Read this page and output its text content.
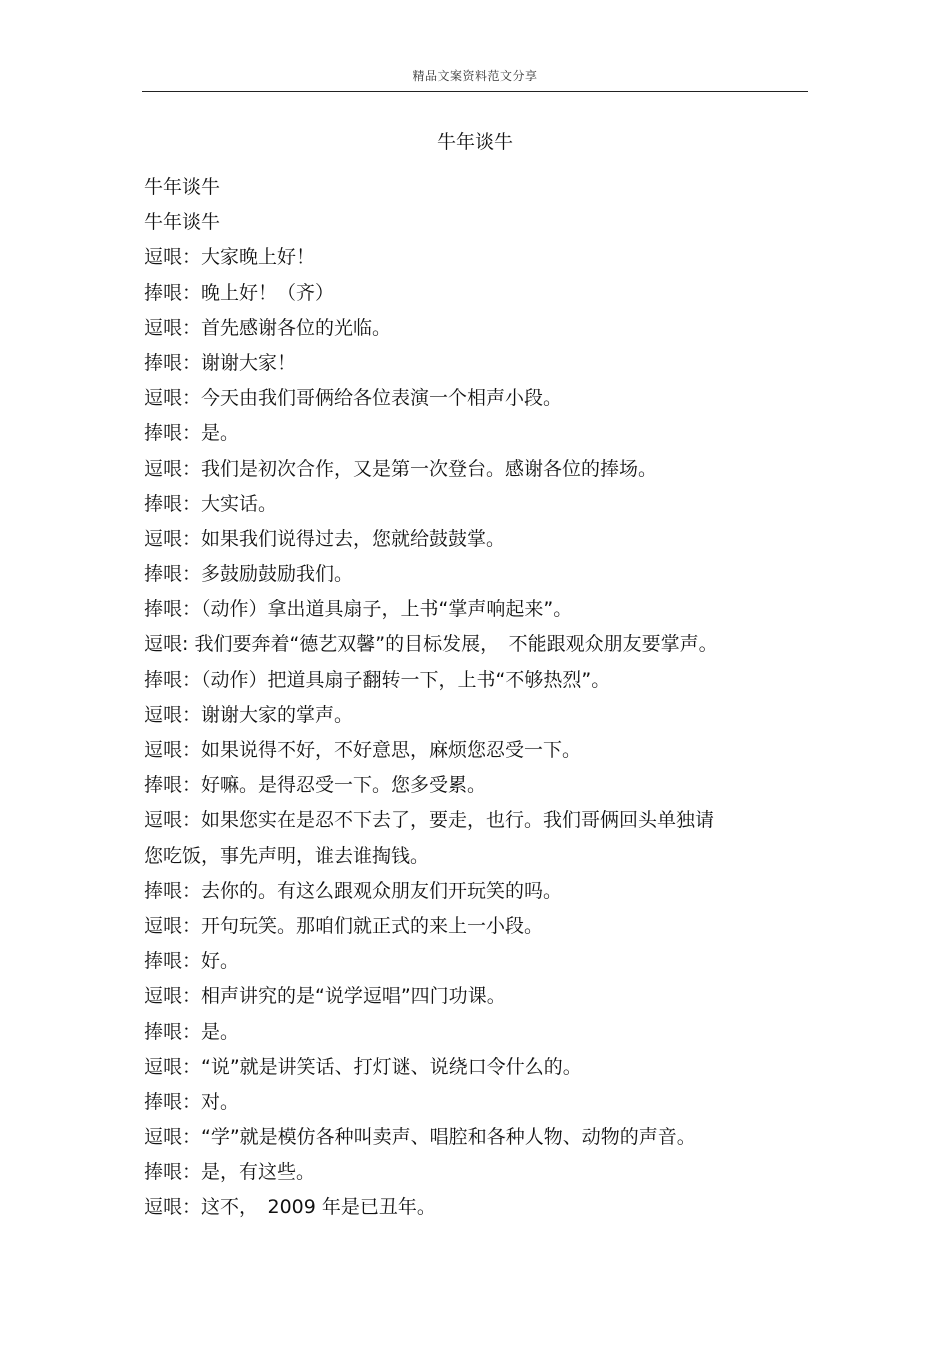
精品文案资料范文分享
牛年谈牛
牛年谈牛
牛年谈牛
逗哏：大家晚上好！
捧哏：晚上好！（齐）
逗哏：首先感谢各位的光临。
捧哏：谢谢大家！
逗哏：今天由我们哥俩给各位表演一个相声小段。
捧哏：是。
逗哏：我们是初次合作，又是第一次登台。感谢各位的捧场。
捧哏：大实话。
逗哏：如果我们说得过去，您就给鼓鼓掌。
捧哏：多鼓励鼓励我们。
捧哏：（动作）拿出道具扇子，上书“掌声响起来”。
逗哏: 我们要奔着“德艺双馨”的目标发展，　不能跟观众朋友要掌声。
捧哏：（动作）把道具扇子翻转一下，上书“不够热烈”。
逗哏：谢谢大家的掌声。
逗哏：如果说得不好，不好意思，麻烦您忍受一下。
捧哏：好嘛。是得忍受一下。您多受累。
逗哏：如果您实在是忍不下去了，要走，也行。我们哥俩回头单独请
您吃饭，事先声明，谁去谁掏钱。
捧哏：去你的。有这么跟观众朋友们开玩笑的吗。
逗哏：开句玩笑。那咱们就正式的来上一小段。
捧哏：好。
逗哏：相声讲究的是“说学逗唱”四门功课。
捧哏：是。
逗哏：“说”就是讲笑话、打灯谜、说绕口令什么的。
捧哏：对。
逗哏：“学”就是模仿各种叫卖声、唱腔和各种人物、动物的声音。
捧哏：是，有这些。
逗哏：这不，　2009 年是已丑年。
